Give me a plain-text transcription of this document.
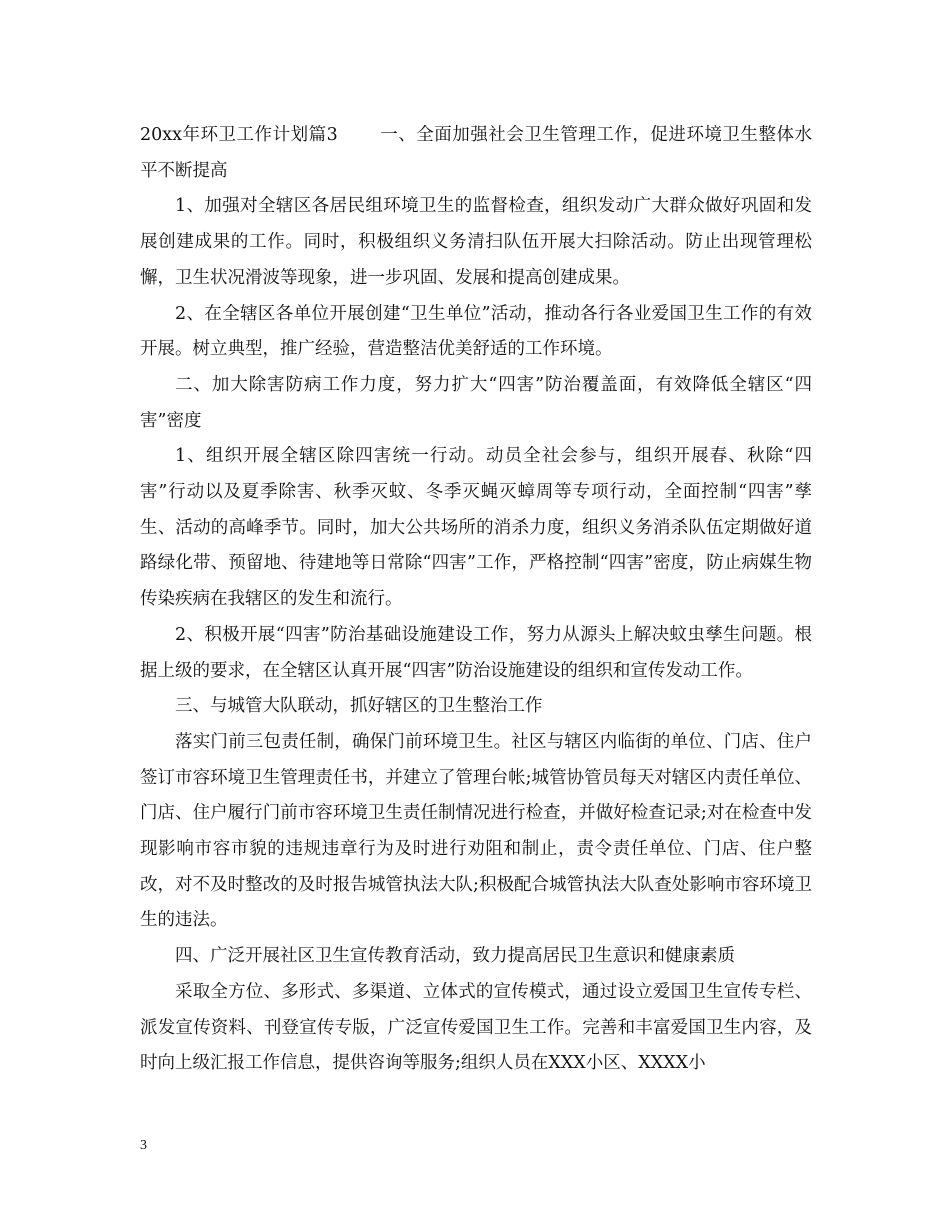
20xx年环卫工作计划篇3 一、全面加强社会卫生管理工作，促进环境卫生整体水平不断提高

1、加强对全辖区各居民组环境卫生的监督检查，组织发动广大群众做好巩固和发展创建成果的工作。同时，积极组织义务清扫队伍开展大扫除活动。防止出现管理松懈，卫生状况滑波等现象，进一步巩固、发展和提高创建成果。

2、在全辖区各单位开展创建“卫生单位”活动，推动各行各业爱国卫生工作的有效开展。树立典型，推广经验，营造整洁优美舒适的工作环境。

二、加大除害防病工作力度，努力扩大“四害”防治覆盖面，有效降低全辖区“四害”密度

1、组织开展全辖区除四害统一行动。动员全社会参与，组织开展春、秋除“四害”行动以及夏季除害、秋季灭蚊、冬季灭蝇灭蟑周等专项行动，全面控制“四害”孳生、活动的高峰季节。同时，加大公共场所的消杀力度，组织义务消杀队伍定期做好道路绿化带、预留地、待建地等日常除“四害”工作，严格控制“四害”密度，防止病媒生物传染疾病在我辖区的发生和流行。

2、积极开展“四害”防治基础设施建设工作，努力从源头上解决蚊虫孳生问题。根据上级的要求，在全辖区认真开展“四害”防治设施建设的组织和宣传发动工作。

三、与城管大队联动，抓好辖区的卫生整治工作

落实门前三包责任制，确保门前环境卫生。社区与辖区内临街的单位、门店、住户签订市容环境卫生管理责任书，并建立了管理台帐;城管协管员每天对辖区内责任单位、门店、住户履行门前市容环境卫生责任制情况进行检查，并做好检查记录;对在检查中发现影响市容市貌的违规违章行为及时进行劝阻和制止，责令责任单位、门店、住户整改，对不及时整改的及时报告城管执法大队;积极配合城管执法大队查处影响市容环境卫生的违法。

四、广泛开展社区卫生宣传教育活动，致力提高居民卫生意识和健康素质

采取全方位、多形式、多渠道、立体式的宣传模式，通过设立爱国卫生宣传专栏、派发宣传资料、刊登宣传专版，广泛宣传爱国卫生工作。完善和丰富爱国卫生内容，及时向上级汇报工作信息，提供咨询等服务;组织人员在XXX小区、XXXX小

3
